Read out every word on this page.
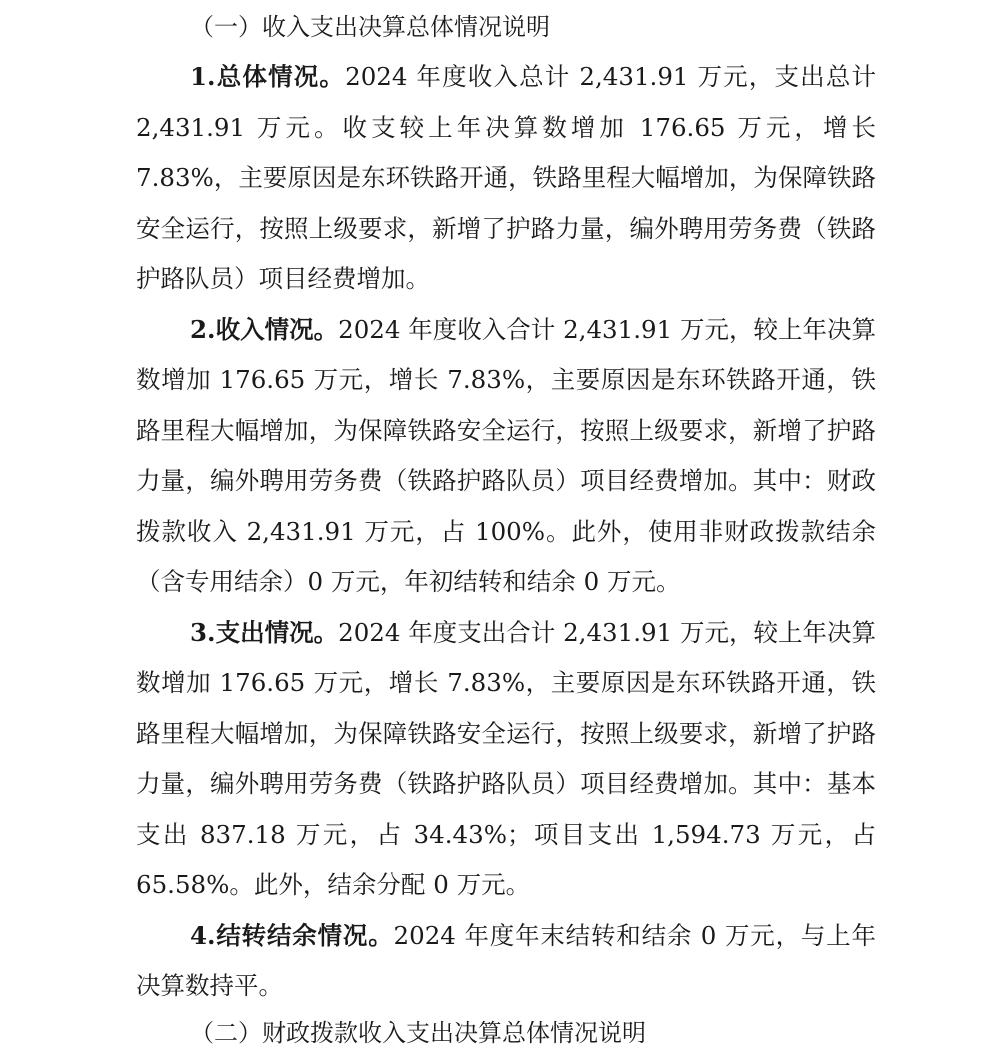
（一）收入支出决算总体情况说明

1.总体情况。2024 年度收入总计 2,431.91 万元，支出总计 2,431.91 万元。收支较上年决算数增加 176.65 万元，增长 7.83%，主要原因是东环铁路开通，铁路里程大幅增加，为保障铁路安全运行，按照上级要求，新增了护路力量，编外聘用劳务费（铁路护路队员）项目经费增加。

2.收入情况。2024 年度收入合计 2,431.91 万元，较上年决算数增加 176.65 万元，增长 7.83%，主要原因是东环铁路开通，铁路里程大幅增加，为保障铁路安全运行，按照上级要求，新增了护路力量，编外聘用劳务费（铁路护路队员）项目经费增加。其中：财政拨款收入 2,431.91 万元，占 100%。此外，使用非财政拨款结余（含专用结余）0 万元，年初结转和结余 0 万元。

3.支出情况。2024 年度支出合计 2,431.91 万元，较上年决算数增加 176.65 万元，增长 7.83%，主要原因是东环铁路开通，铁路里程大幅增加，为保障铁路安全运行，按照上级要求，新增了护路力量，编外聘用劳务费（铁路护路队员）项目经费增加。其中：基本支出 837.18 万元，占 34.43%；项目支出 1,594.73 万元，占 65.58%。此外，结余分配 0 万元。

4.结转结余情况。2024 年度年末结转和结余 0 万元，与上年决算数持平。

（二）财政拨款收入支出决算总体情况说明
